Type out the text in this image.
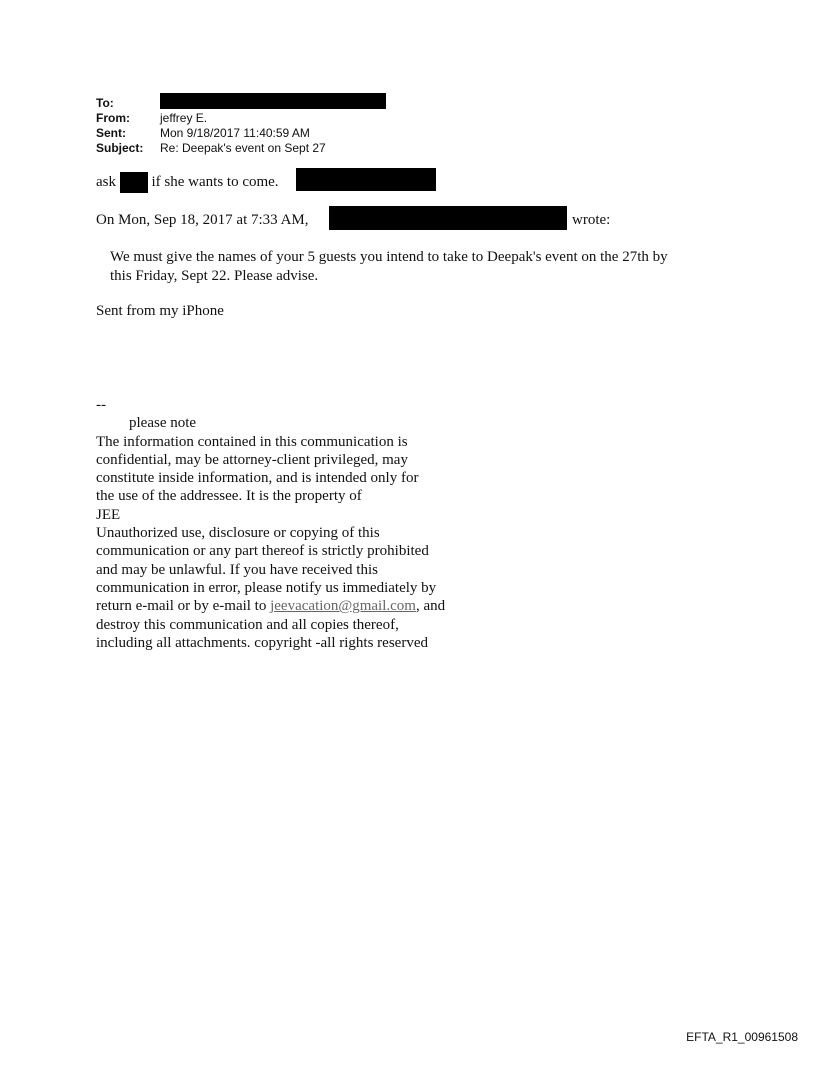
To:
From:	jeffrey E.
Sent:	Mon 9/18/2017 11:40:59 AM
Subject:	Re: Deepak's event on Sept 27
ask if she wants to come.
On Mon, Sep 18, 2017 at 7:33 AM,	wrote:
We must give the names of your 5 guests you intend to take to Deepak's event on the 27th by
this Friday, Sept 22. Please advise.
Sent from my iPhone
--
please note
The information contained in this communication is
confidential, may be attorney-client privileged, may
constitute inside information, and is intended only for
the use of the addressee. It is the property of
JEE
Unauthorized use, disclosure or copying of this
communication or any part thereof is strictly prohibited
and may be unlawful. If you have received this
communication in error, please notify us immediately by
return e-mail or by e-mail to jeevacation@gmail.com, and
destroy this communication and all copies thereof,
including all attachments. copyright -all rights reserved
EFTA_R1_00961508
